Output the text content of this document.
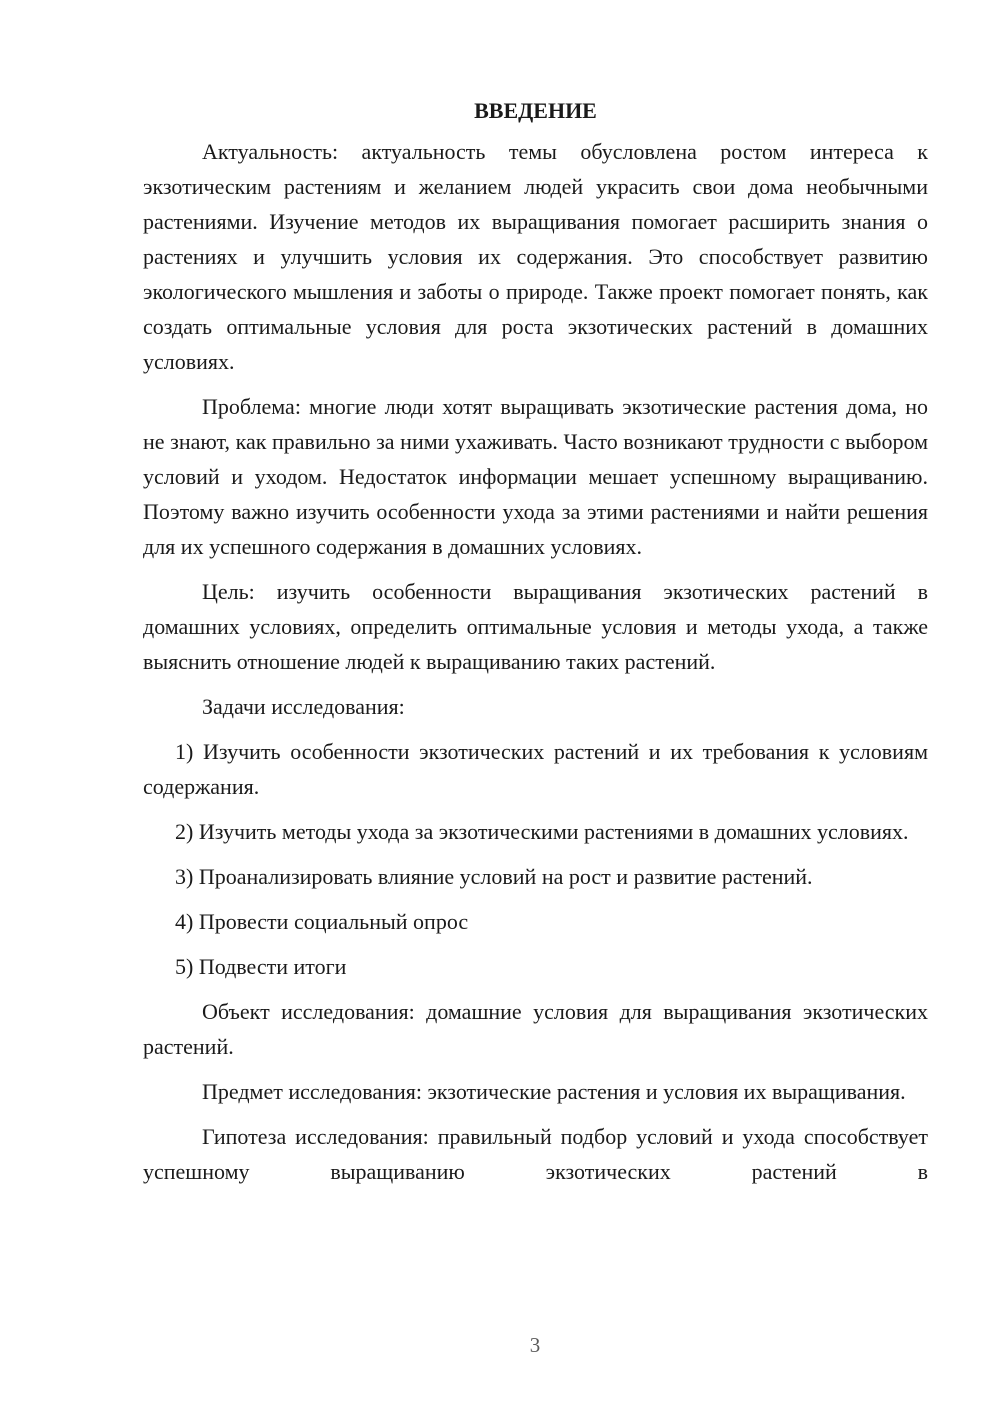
ВВЕДЕНИЕ

Актуальность: актуальность темы обусловлена ростом интереса к экзотическим растениям и желанием людей украсить свои дома необычными растениями. Изучение методов их выращивания помогает расширить знания о растениях и улучшить условия их содержания. Это способствует развитию экологического мышления и заботы о природе. Также проект помогает понять, как создать оптимальные условия для роста экзотических растений в домашних условиях.

Проблема: многие люди хотят выращивать экзотические растения дома, но не знают, как правильно за ними ухаживать. Часто возникают трудности с выбором условий и уходом. Недостаток информации мешает успешному выращиванию. Поэтому важно изучить особенности ухода за этими растениями и найти решения для их успешного содержания в домашних условиях.

Цель: изучить особенности выращивания экзотических растений в домашних условиях, определить оптимальные условия и методы ухода, а также выяснить отношение людей к выращиванию таких растений.

Задачи исследования:

1) Изучить особенности экзотических растений и их требования к условиям содержания.

2) Изучить методы ухода за экзотическими растениями в домашних условиях.

3) Проанализировать влияние условий на рост и развитие растений.

4) Провести социальный опрос

5) Подвести итоги

Объект исследования: домашние условия для выращивания экзотических растений.

Предмет исследования: экзотические растения и условия их выращивания.

Гипотеза исследования: правильный подбор условий и ухода способствует успешному выращиванию экзотических растений в

3
